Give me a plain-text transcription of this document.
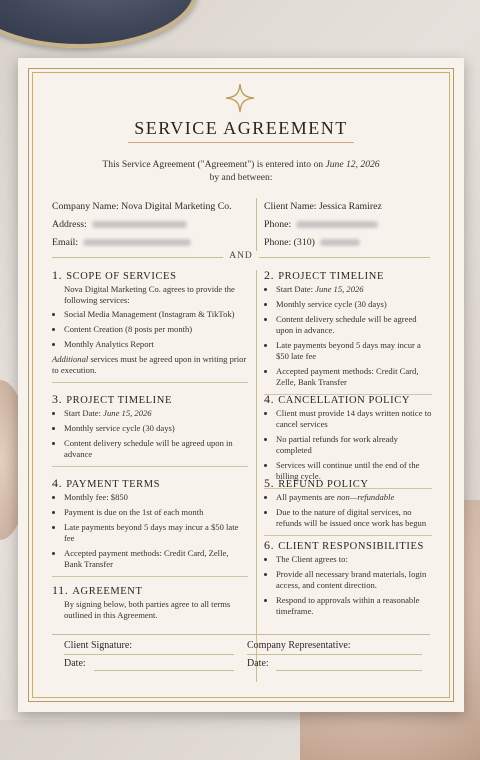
SERVICE AGREEMENT
This Service Agreement ("Agreement") is entered into on June 12, 2026
by and between:
Company Name: Nova Digital Marketing Co.
Address:
Email:
Client Name: Jessica Ramirez
Phone:
Phone: (310)
AND
1. SCOPE OF SERVICES

Nova Digital Marketing Co. agrees to provide the following services:

• Social Media Management (Instagram & TikTok)
• Content Creation (8 posts per month)
• Monthly Analytics Report

Additional services must be agreed upon in writing prior to execution.

3. PROJECT TIMELINE
• Start Date: June 15, 2026
• Monthly service cycle (30 days)
• Content delivery schedule will be agreed upon in advance
4. PAYMENT TERMS
• Monthly fee: $850
• Payment is due on the 1st of each month
• Late payments beyond 5 days may incur a $50 late fee
• Accepted payment methods: Credit Card, Zelle, Bank Transfer
11. AGREEMENT

By signing below, both parties agree to all terms outlined in this Agreement.

2. PROJECT TIMELINE
• Start Date: June 15, 2026
• Monthly service cycle (30 days)
• Content delivery schedule will be agreed upon in advance.
• Late payments beyond 5 days may incur a $50 late fee
• Accepted payment methods: Credit Card, Zelle, Bank Transfer
4. CANCELLATION POLICY
• Client must provide 14 days written notice to cancel services
• No partial refunds for work already completed
• Services will continue until the end of the billing cycle.
5. REFUND POLICY
• All payments are non—refundable
• Due to the nature of digital services, no refunds will be issued once work has begun
6. CLIENT RESPONSIBILITIES
• The Client agrees to:
• Provide all necessary brand materials, login access, and content direction.
• Respond to approvals within a reasonable timeframe.
Client Signature:	Company Representative:
Date:	Date:
